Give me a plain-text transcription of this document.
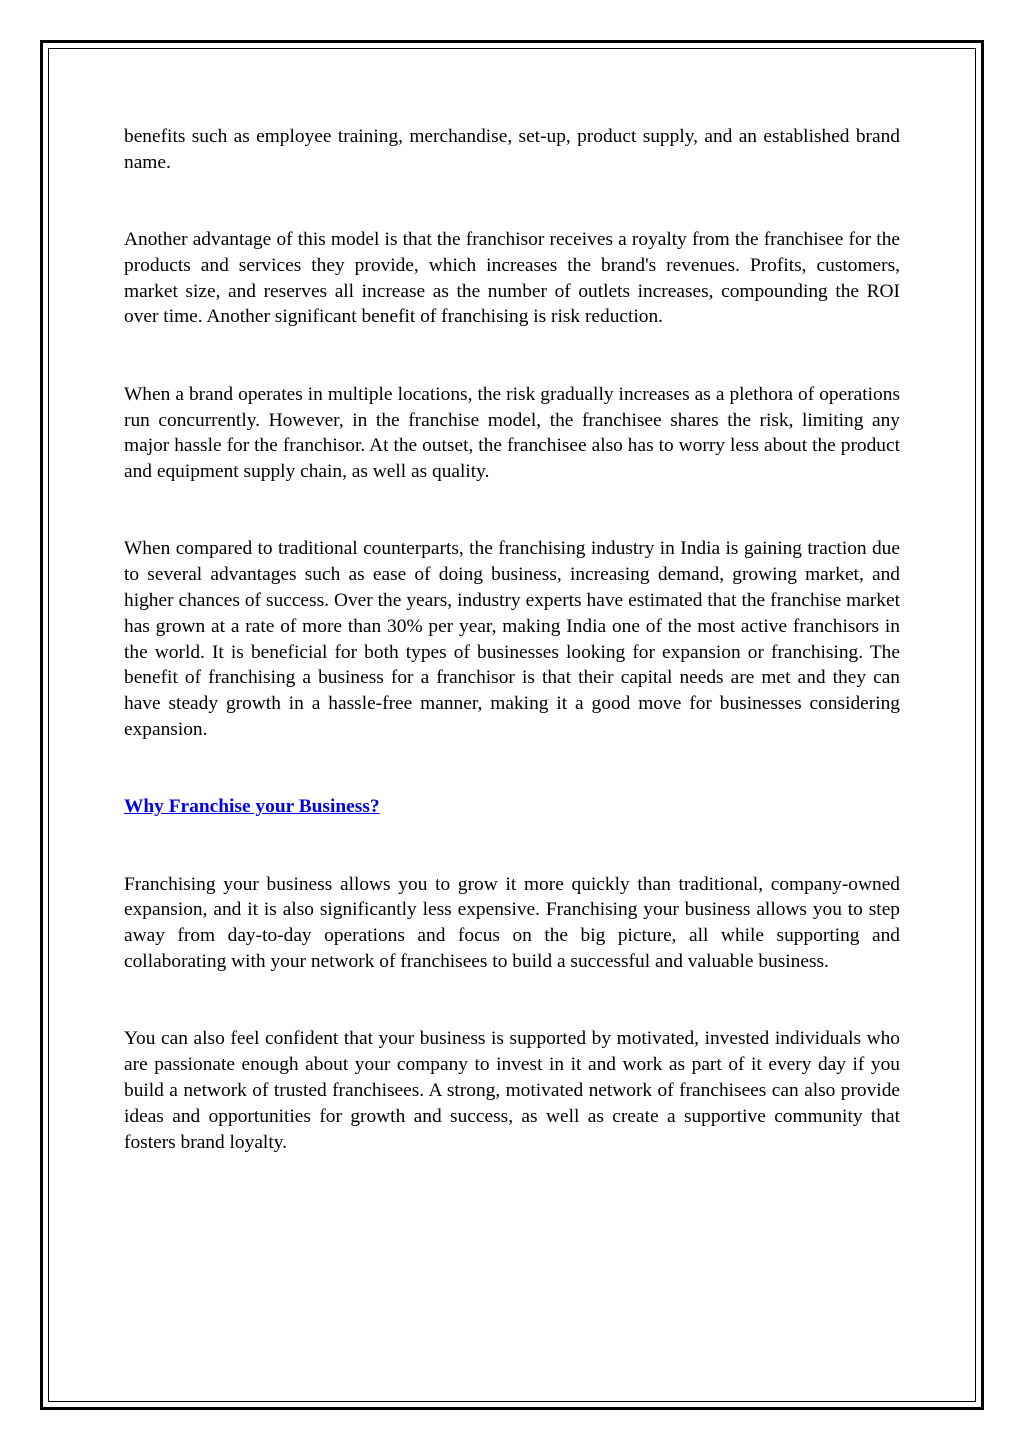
benefits such as employee training, merchandise, set-up, product supply, and an established brand name.

Another advantage of this model is that the franchisor receives a royalty from the franchisee for the products and services they provide, which increases the brand's revenues. Profits, customers, market size, and reserves all increase as the number of outlets increases, compounding the ROI over time. Another significant benefit of franchising is risk reduction.

When a brand operates in multiple locations, the risk gradually increases as a plethora of operations run concurrently. However, in the franchise model, the franchisee shares the risk, limiting any major hassle for the franchisor. At the outset, the franchisee also has to worry less about the product and equipment supply chain, as well as quality.

When compared to traditional counterparts, the franchising industry in India is gaining traction due to several advantages such as ease of doing business, increasing demand, growing market, and higher chances of success. Over the years, industry experts have estimated that the franchise market has grown at a rate of more than 30% per year, making India one of the most active franchisors in the world. It is beneficial for both types of businesses looking for expansion or franchising. The benefit of franchising a business for a franchisor is that their capital needs are met and they can have steady growth in a hassle-free manner, making it a good move for businesses considering expansion.

Why Franchise your Business?

Franchising your business allows you to grow it more quickly than traditional, company-owned expansion, and it is also significantly less expensive. Franchising your business allows you to step away from day-to-day operations and focus on the big picture, all while supporting and collaborating with your network of franchisees to build a successful and valuable business.

You can also feel confident that your business is supported by motivated, invested individuals who are passionate enough about your company to invest in it and work as part of it every day if you build a network of trusted franchisees. A strong, motivated network of franchisees can also provide ideas and opportunities for growth and success, as well as create a supportive community that fosters brand loyalty.
